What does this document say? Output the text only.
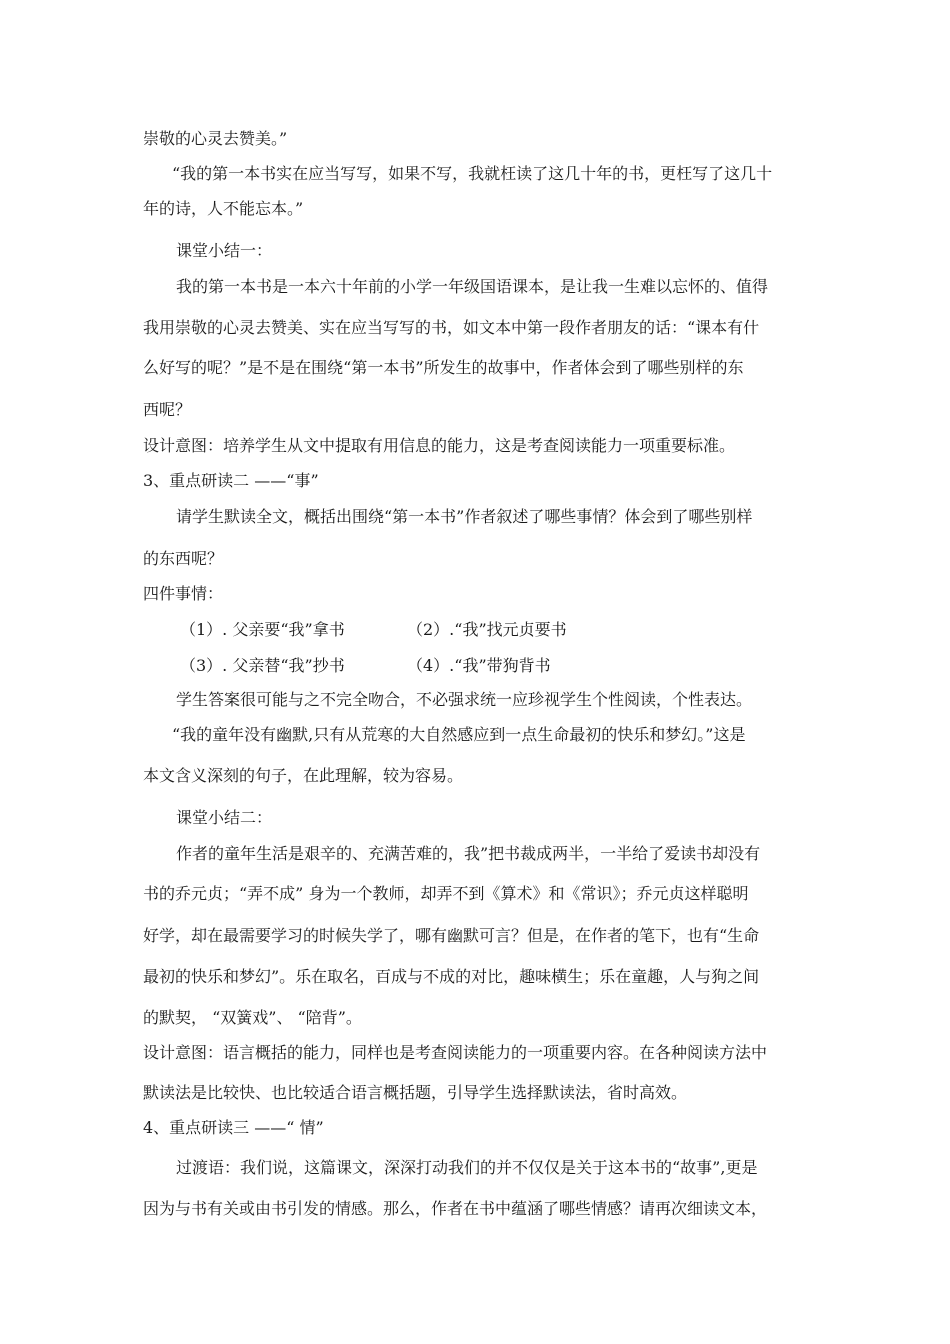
崇敬的心灵去赞美。”
“我的第一本书实在应当写写，如果不写，我就枉读了这几十年的书，更枉写了这几十
年的诗，人不能忘本。”
课堂小结一：
我的第一本书是一本六十年前的小学一年级国语课本，是让我一生难以忘怀的、值得
我用崇敬的心灵去赞美、实在应当写写的书，如文本中第一段作者朋友的话：“课本有什
么好写的呢？”是不是在围绕“第一本书”所发生的故事中，作者体会到了哪些别样的东
西呢？
设计意图：培养学生从文中提取有用信息的能力，这是考查阅读能力一项重要标准。
3、重点研读二 ——“事”
请学生默读全文，概括出围绕“第一本书”作者叙述了哪些事情？体会到了哪些别样
的东西呢？
四件事情：
（1）. 父亲要“我”拿书	（2）.“我”找元贞要书
（3）. 父亲替“我”抄书	（4）.“我”带狗背书
学生答案很可能与之不完全吻合，不必强求统一应珍视学生个性阅读，个性表达。
“我的童年没有幽默,只有从荒寒的大自然感应到一点生命最初的快乐和梦幻。”这是
本文含义深刻的句子，在此理解，较为容易。
课堂小结二：
作者的童年生活是艰辛的、充满苦难的，我”把书裁成两半，一半给了爱读书却没有
书的乔元贞；“弄不成” 身为一个教师，却弄不到《算术》和《常识》；乔元贞这样聪明
好学，却在最需要学习的时候失学了，哪有幽默可言？但是，在作者的笔下，也有“生命
最初的快乐和梦幻”。乐在取名，百成与不成的对比，趣味横生；乐在童趣，人与狗之间
的默契， “双簧戏”、 “陪背”。
设计意图：语言概括的能力，同样也是考查阅读能力的一项重要内容。在各种阅读方法中
默读法是比较快、也比较适合语言概括题，引导学生选择默读法，省时高效。
4、重点研读三 ——“ 情”
过渡语：我们说，这篇课文，深深打动我们的并不仅仅是关于这本书的“故事”,更是
因为与书有关或由书引发的情感。那么，作者在书中蕴涵了哪些情感？请再次细读文本，
